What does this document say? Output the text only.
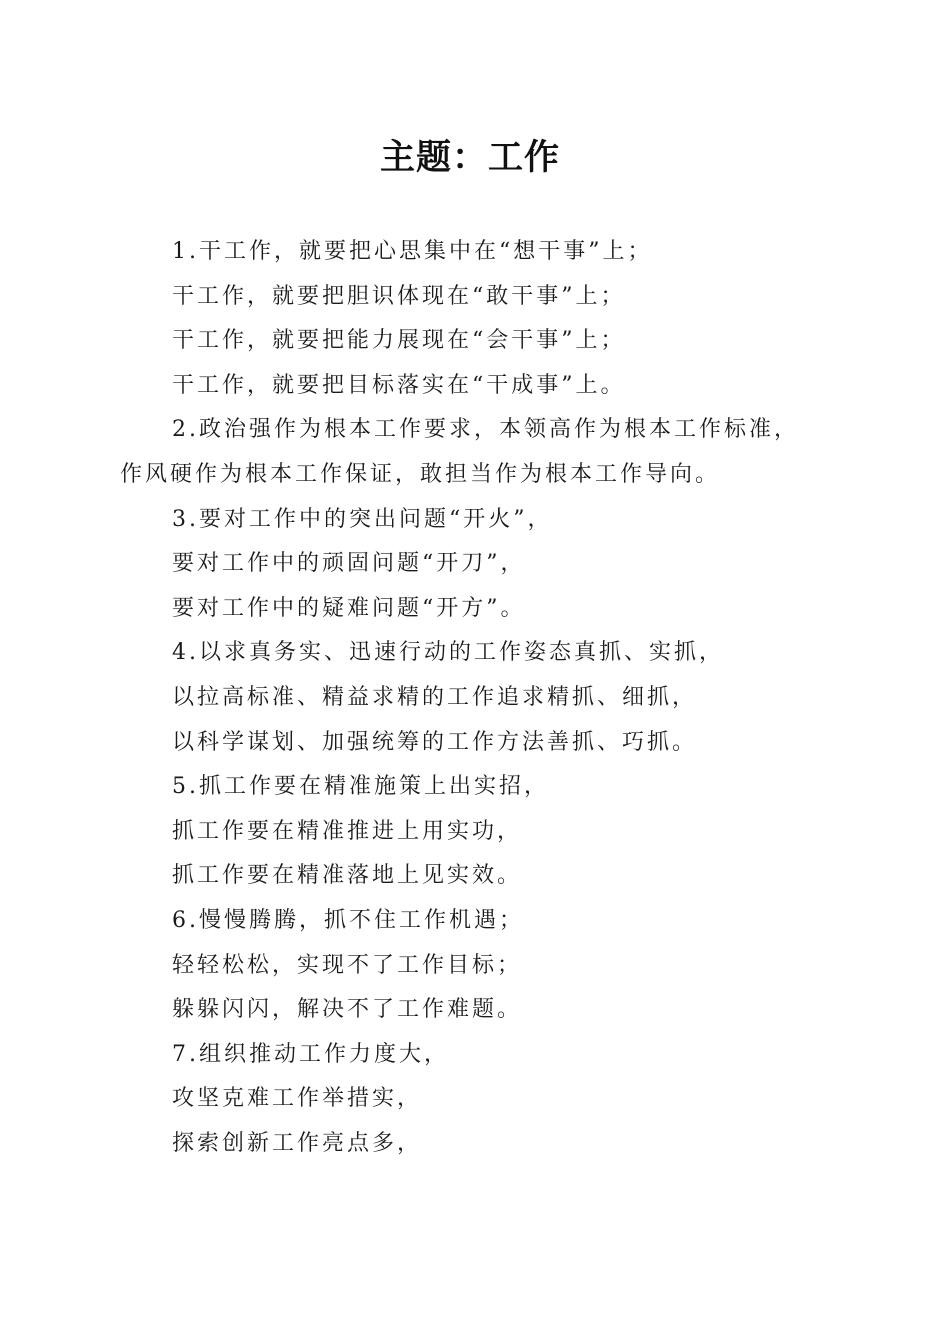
主题：工作
1.干工作，就要把心思集中在“想干事”上；
干工作，就要把胆识体现在“敢干事”上；
干工作，就要把能力展现在“会干事”上；
干工作，就要把目标落实在“干成事”上。
2.政治强作为根本工作要求，本领高作为根本工作标准，
作风硬作为根本工作保证，敢担当作为根本工作导向。
3.要对工作中的突出问题“开火”，
要对工作中的顽固问题“开刀”，
要对工作中的疑难问题“开方”。
4.以求真务实、迅速行动的工作姿态真抓、实抓，
以拉高标准、精益求精的工作追求精抓、细抓，
以科学谋划、加强统筹的工作方法善抓、巧抓。
5.抓工作要在精准施策上出实招，
抓工作要在精准推进上用实功，
抓工作要在精准落地上见实效。
6.慢慢腾腾，抓不住工作机遇；
轻轻松松，实现不了工作目标；
躲躲闪闪，解决不了工作难题。
7.组织推动工作力度大，
攻坚克难工作举措实，
探索创新工作亮点多，
